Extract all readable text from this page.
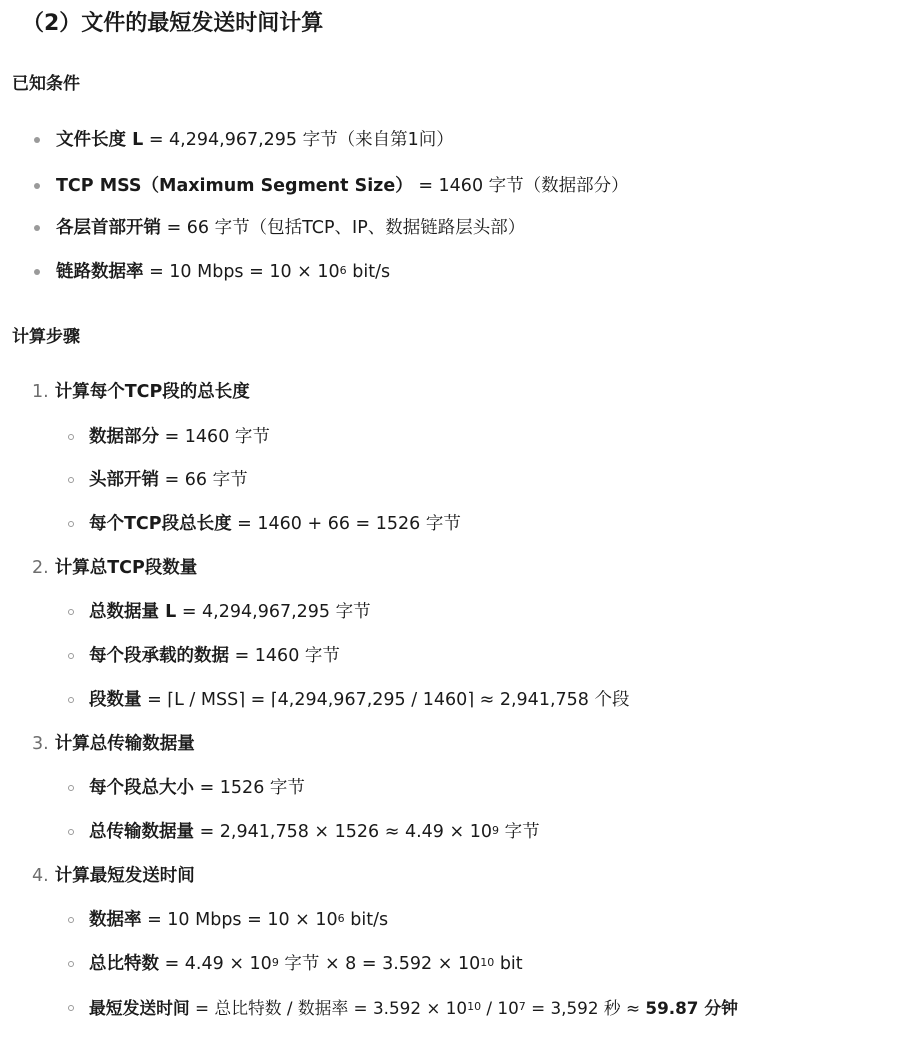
（2）文件的最短发送时间计算
已知条件
文件长度 L = 4,294,967,295 字节（来自第1问）
TCP MSS（Maximum Segment Size） = 1460 字节（数据部分）
各层首部开销 = 66 字节（包括TCP、IP、数据链路层头部）
链路数据率 = 10 Mbps = $10 \times 10^6$ bit/s
计算步骤
1. 计算每个TCP段的总长度
数据部分 = 1460 字节
头部开销 = 66 字节
每个TCP段总长度 = 1460 + 66 = 1526 字节
2. 计算总TCP段数量
总数据量 L = 4,294,967,295 字节
每个段承载的数据 = 1460 字节
段数量 = ⌈L / MSS⌉ = ⌈4,294,967,295 / 1460⌉ ≈ 2,941,758 个段
3. 计算总传输数据量
每个段总大小 = 1526 字节
总传输数据量 = $2,941,758 \times 1526 \approx 4.49 \times 10^9$ 字节
4. 计算最短发送时间
数据率 = 10 Mbps = $10 \times 10^6$ bit/s
总比特数 = $4.49 \times 10^9$ 字节 × $8 = 3.592 \times 10^{10}$ bit
最短发送时间 = 总比特数 / 数据率 = $3.592 \times 10^{10} / 10^7 = 3,592$ 秒 ≈ 59.87 分钟
